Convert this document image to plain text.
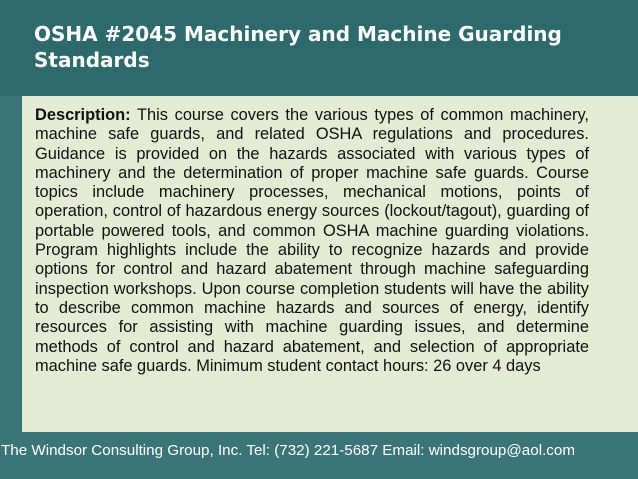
OSHA #2045 Machinery and Machine Guarding Standards

Description: This course covers the various types of common machinery, machine safe guards, and related OSHA regulations and procedures. Guidance is provided on the hazards associated with various types of machinery and the determination of proper machine safe guards. Course topics include machinery processes, mechanical motions, points of operation, control of hazardous energy sources (lockout/tagout), guarding of portable powered tools, and common OSHA machine guarding violations. Program highlights include the ability to recognize hazards and provide options for control and hazard abatement through machine safeguarding inspection workshops. Upon course completion students will have the ability to describe common machine hazards and sources of energy, identify resources for assisting with machine guarding issues, and determine methods of control and hazard abatement, and selection of appropriate machine safe guards. Minimum student contact hours: 26 over 4 days

The Windsor Consulting Group, Inc. Tel: (732) 221-5687 Email: windsgroup@aol.com
